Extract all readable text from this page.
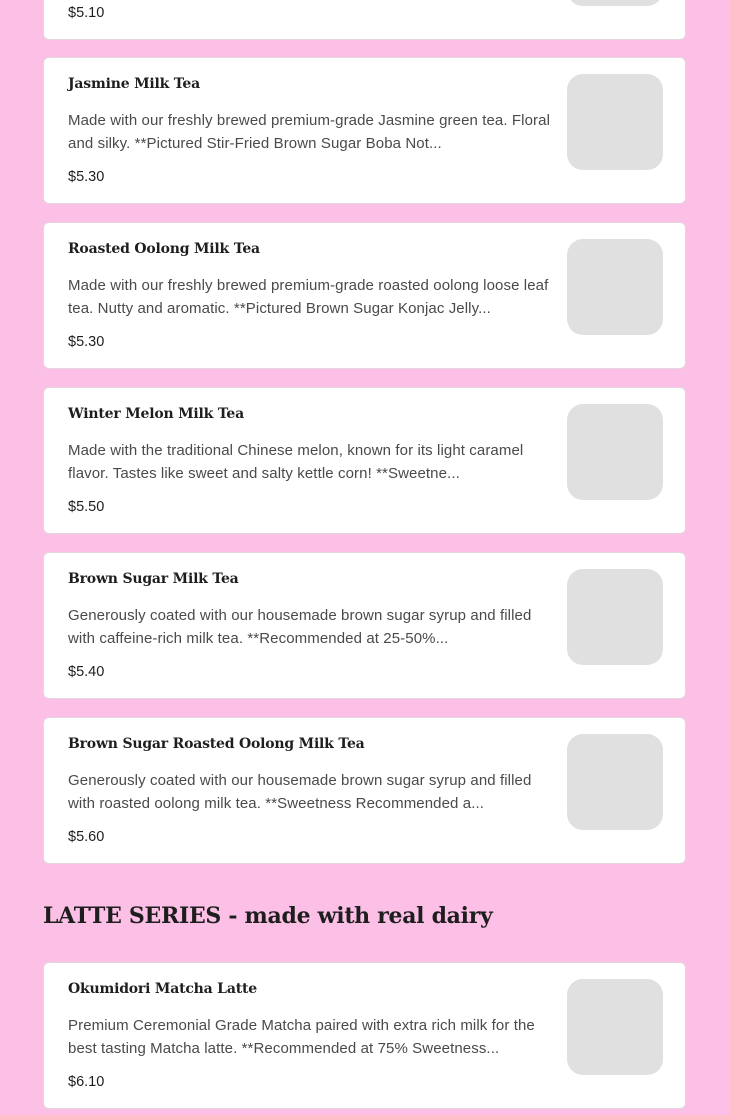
$5.10
Jasmine Milk Tea
Made with our freshly brewed premium-grade Jasmine green tea. Floral and silky. **Pictured Stir-Fried Brown Sugar Boba Not...
$5.30
Roasted Oolong Milk Tea
Made with our freshly brewed premium-grade roasted oolong loose leaf tea. Nutty and aromatic. **Pictured Brown Sugar Konjac Jelly...
$5.30
Winter Melon Milk Tea
Made with the traditional Chinese melon, known for its light caramel flavor. Tastes like sweet and salty kettle corn! **Sweetne...
$5.50
Brown Sugar Milk Tea
Generously coated with our housemade brown sugar syrup and filled with caffeine-rich milk tea. **Recommended at 25-50%...
$5.40
Brown Sugar Roasted Oolong Milk Tea
Generously coated with our housemade brown sugar syrup and filled with roasted oolong milk tea. **Sweetness Recommended a...
$5.60
LATTE SERIES - made with real dairy
Okumidori Matcha Latte
Premium Ceremonial Grade Matcha paired with extra rich milk for the best tasting Matcha latte. **Recommended at 75% Sweetness...
$6.10
